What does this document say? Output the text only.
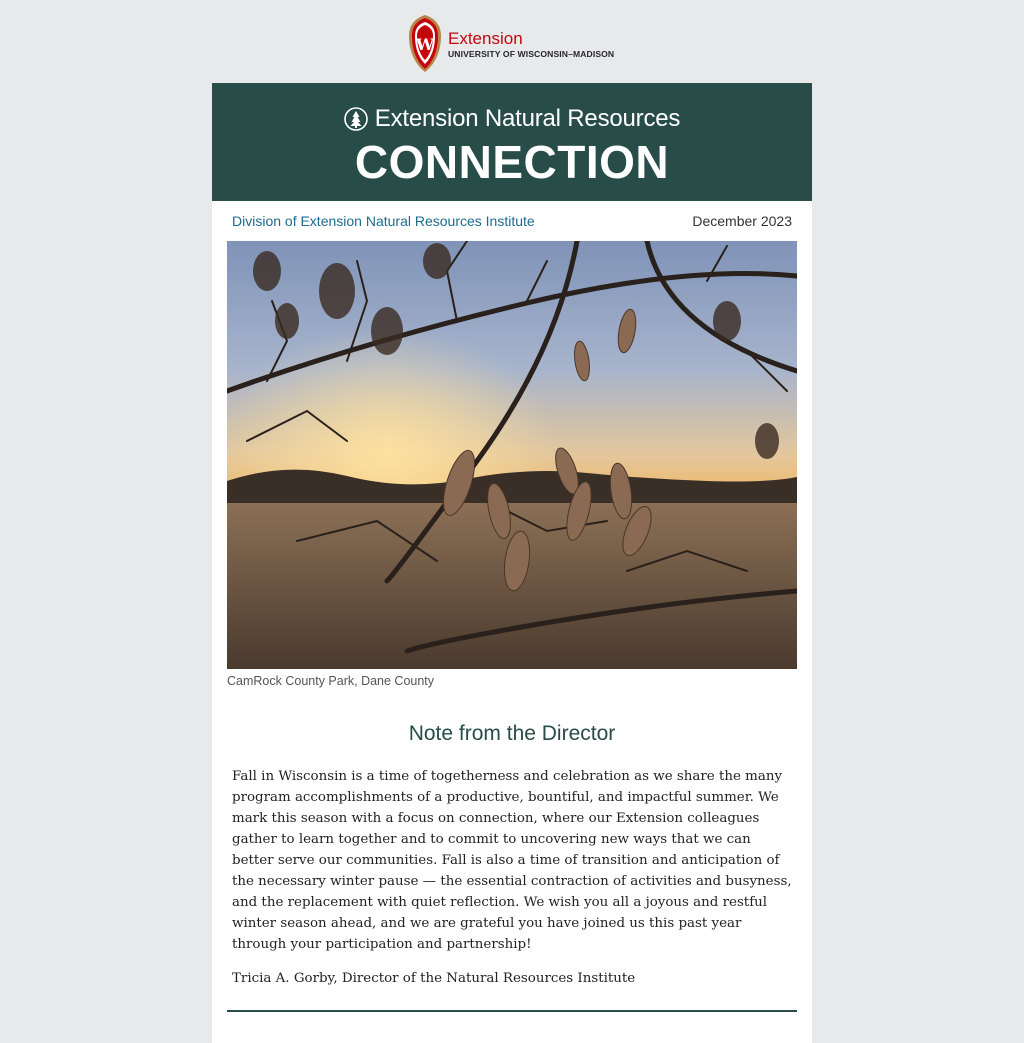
W Extension
UNIVERSITY OF WISCONSIN–MADISON
Extension Natural Resources
CONNECTION
Division of Extension Natural Resources Institute	December 2023
CamRock County Park, Dane County
Note from the Director
Fall in Wisconsin is a time of togetherness and celebration as we share the many program accomplishments of a productive, bountiful, and impactful summer. We mark this season with a focus on connection, where our Extension colleagues gather to learn together and to commit to uncovering new ways that we can better serve our communities. Fall is also a time of transition and anticipation of the necessary winter pause — the essential contraction of activities and busyness, and the replacement with quiet reflection. We wish you all a joyous and restful winter season ahead, and we are grateful you have joined us this past year through your participation and partnership!
Tricia A. Gorby, Director of the Natural Resources Institute
